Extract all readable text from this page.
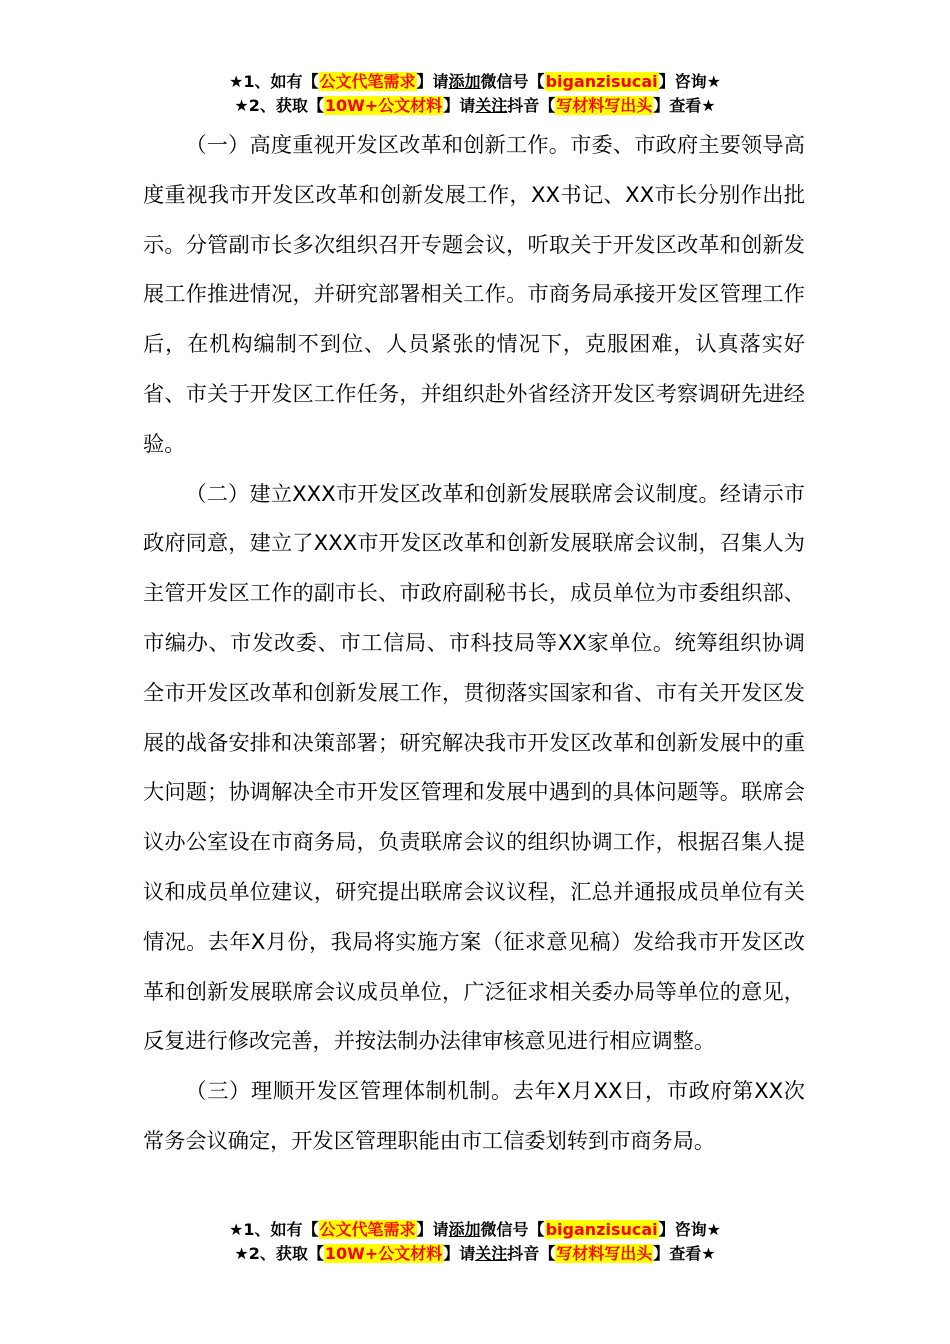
★1、如有【公文代笔需求】请添加微信号【biganzisucai】咨询★
★2、获取【10W+公文材料】请关注抖音【写材料写出头】查看★

（一）高度重视开发区改革和创新工作。市委、市政府主要领导高度重视我市开发区改革和创新发展工作，XX书记、XX市长分别作出批示。分管副市长多次组织召开专题会议，听取关于开发区改革和创新发展工作推进情况，并研究部署相关工作。市商务局承接开发区管理工作后，在机构编制不到位、人员紧张的情况下，克服困难，认真落实好省、市关于开发区工作任务，并组织赴外省经济开发区考察调研先进经验。

（二）建立XXX市开发区改革和创新发展联席会议制度。经请示市政府同意，建立了XXX市开发区改革和创新发展联席会议制，召集人为主管开发区工作的副市长、市政府副秘书长，成员单位为市委组织部、市编办、市发改委、市工信局、市科技局等XX家单位。统筹组织协调全市开发区改革和创新发展工作，贯彻落实国家和省、市有关开发区发展的战备安排和决策部署；研究解决我市开发区改革和创新发展中的重大问题；协调解决全市开发区管理和发展中遇到的具体问题等。联席会议办公室设在市商务局，负责联席会议的组织协调工作，根据召集人提议和成员单位建议，研究提出联席会议议程，汇总并通报成员单位有关情况。去年X月份，我局将实施方案（征求意见稿）发给我市开发区改革和创新发展联席会议成员单位，广泛征求相关委办局等单位的意见，反复进行修改完善，并按法制办法律审核意见进行相应调整。

（三）理顺开发区管理体制机制。去年X月XX日，市政府第XX次常务会议确定，开发区管理职能由市工信委划转到市商务局。

★1、如有【公文代笔需求】请添加微信号【biganzisucai】咨询★
★2、获取【10W+公文材料】请关注抖音【写材料写出头】查看★
